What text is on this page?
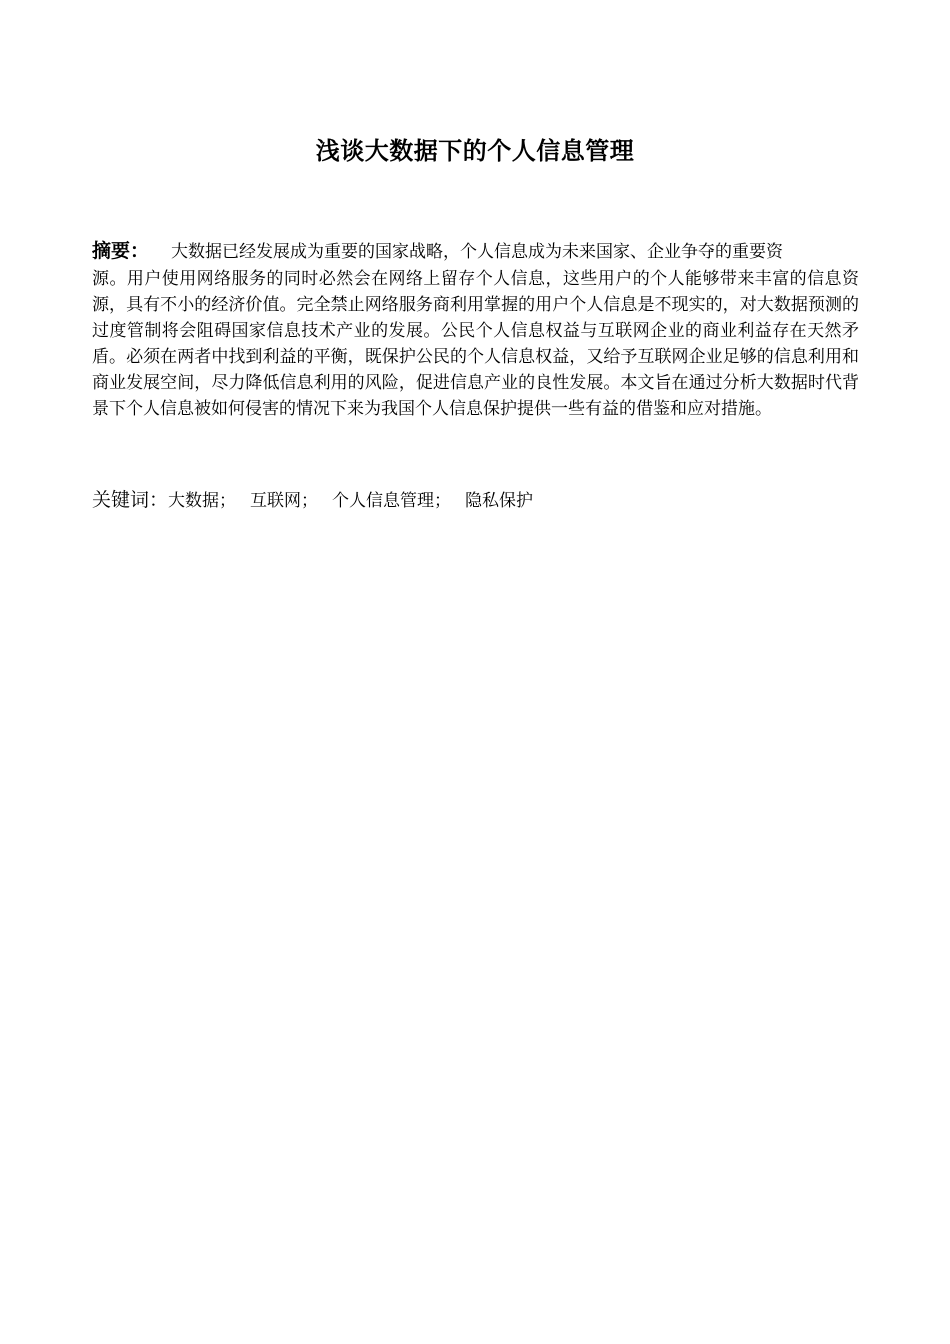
浅谈大数据下的个人信息管理
摘要： 大数据已经发展成为重要的国家战略，个人信息成为未来国家、企业争夺的重要资
源。用户使用网络服务的同时必然会在网络上留存个人信息，这些用户的个人能够带来丰富的信息资源，具有不小的经济价值。完全禁止网络服务商利用掌握的用户个人信息是不现实的，对大数据预测的过度管制将会阻碍国家信息技术产业的发展。公民个人信息权益与互联网企业的商业利益存在天然矛盾。必须在两者中找到利益的平衡，既保护公民的个人信息权益，又给予互联网企业足够的信息利用和商业发展空间，尽力降低信息利用的风险，促进信息产业的良性发展。本文旨在通过分析大数据时代背景下个人信息被如何侵害的情况下来为我国个人信息保护提供一些有益的借鉴和应对措施。
关键词：大数据； 互联网； 个人信息管理； 隐私保护
